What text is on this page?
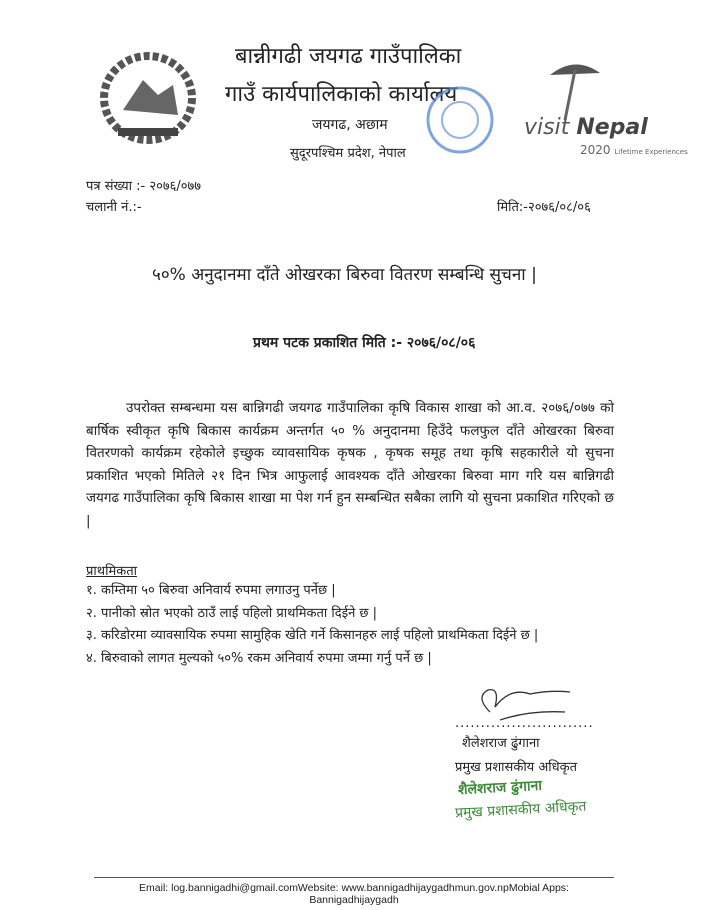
बान्नीगढी जयगढ गाउँपालिका
गाउँ कार्यपालिकाको कार्यालय
जयगढ, अछाम
सुदूरपश्चिम प्रदेश, नेपाल
visit Nepal
2020 Lifetime Experiences
पत्र संख्या :- २०७६/०७७
चलानी नं.:-	मिति:-२०७६/०८/०६
५०% अनुदानमा दाँते ओखरका बिरुवा वितरण सम्बन्धि सुचना |
प्रथम पटक प्रकाशित मिति :- २०७६/०८/०६
उपरोक्त सम्बन्धमा यस बान्निगढी जयगढ गाउँपालिका कृषि विकास शाखा को आ.व. २०७६/०७७ को बार्षिक स्वीकृत कृषि बिकास कार्यक्रम अन्तर्गत ५० % अनुदानमा हिउँदे फलफुल दाँते ओखरका बिरुवा वितरणको कार्यक्रम रहेकोले इच्छुक व्यावसायिक कृषक , कृषक समूह तथा कृषि सहकारीले यो सुचना प्रकाशित भएको मितिले २१ दिन भित्र आफुलाई आवश्यक दाँते ओखरका बिरुवा माग गरि यस बान्निगढी जयगढ गाउँपालिका कृषि बिकास शाखा मा पेश गर्न हुन सम्बन्धित सबैका लागि यो सुचना प्रकाशित गरिएको छ |
प्राथमिकता
१. कम्तिमा ५० बिरुवा अनिवार्य रुपमा लगाउनु पर्नेछ |
२. पानीको स्रोत भएको ठाउँ लाई पहिलो प्राथमिकता दिईने छ |
३. करिडोरमा व्यावसायिक रुपमा सामुहिक खेति गर्ने किसानहरु लाई पहिलो प्राथमिकता दिईने छ |
४. बिरुवाको लागत मुल्यको ५०% रकम अनिवार्य रुपमा जम्मा गर्नु पर्ने छ |
...........................
शैलेशराज ढुंगाना
प्रमुख प्रशासकीय अधिकृत
शैलेशराज ढुंगाना
प्रमुख प्रशासकीय अधिकृत
Email: log.bannigadhi@gmail.comWebsite: www.bannigadhijaygadhmun.gov.npMobial Apps:
Bannigadhijaygadh
